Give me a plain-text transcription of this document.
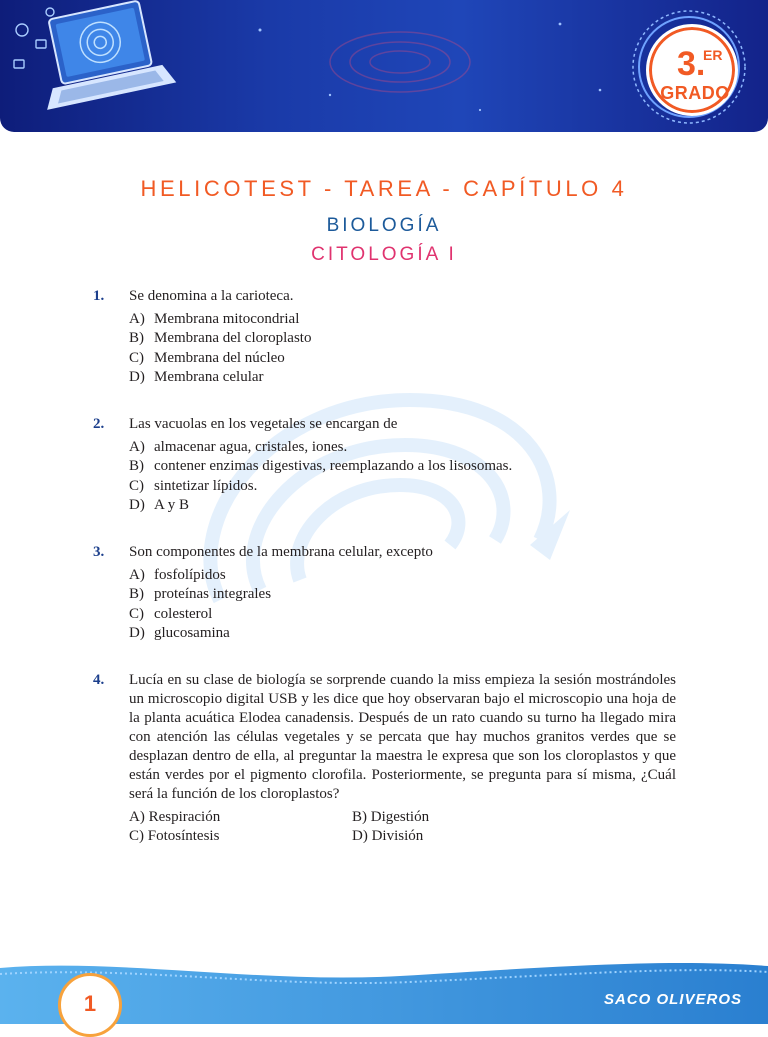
3.
ER
GRADO
HELICOTEST - TAREA - CAPÍTULO 4
BIOLOGÍA
CITOLOGÍA I
1.	Se denomina a la carioteca.
A) Membrana mitocondrial
B) Membrana del cloroplasto
C) Membrana del núcleo
D) Membrana celular
2.	Las vacuolas en los vegetales se encargan de
A) almacenar agua, cristales, iones.
B) contener enzimas digestivas, reemplazando a los lisosomas.
C) sintetizar lípidos.
D) A y B
3.	Son componentes de la membrana celular, excepto
A) fosfolípidos
B) proteínas integrales
C) colesterol
D) glucosamina
4.	Lucía en su clase de biología se sorprende cuando la miss empieza la sesión mostrándoles un microscopio digital USB y les dice que hoy observaran bajo el microscopio una hoja de la planta acuática Elodea canadensis. Después de un rato cuando su turno ha llegado mira con atención las células vegetales y se percata que hay muchos granitos verdes que se desplazan dentro de ella, al preguntar la maestra le expresa que son los cloroplastos y que están verdes por el pigmento clorofila. Posteriormente, se pregunta para sí misma, ¿Cuál será la función de los cloroplastos?
A) Respiración	B) Digestión
C) Fotosíntesis	D) División
1	SACO OLIVEROS
